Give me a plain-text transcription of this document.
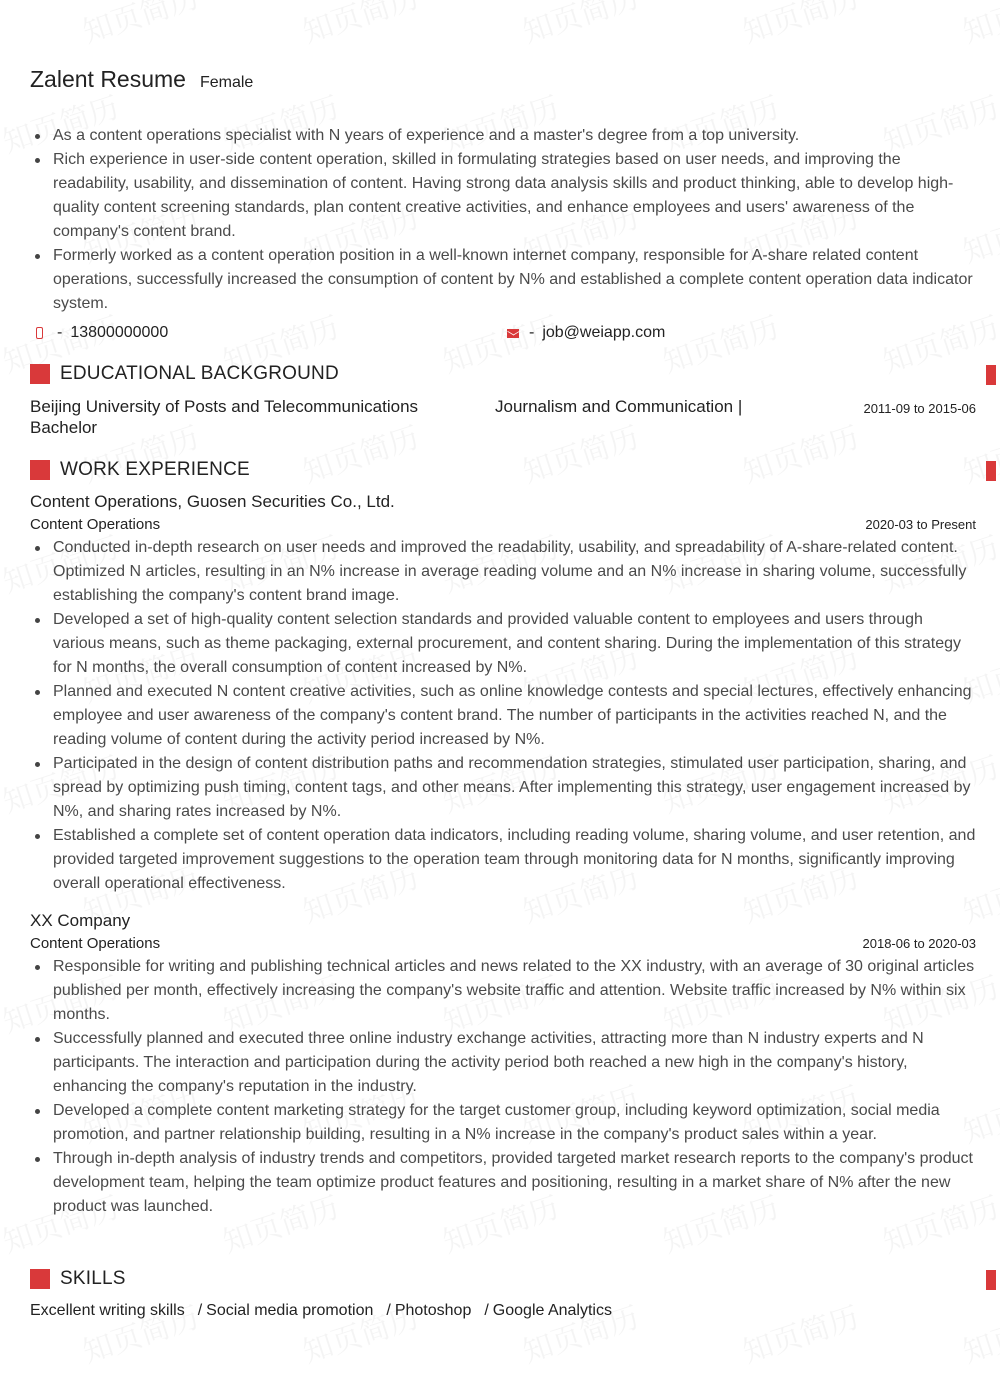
Zalent Resume Female
As a content operations specialist with N years of experience and a master's degree from a top university.
Rich experience in user-side content operation, skilled in formulating strategies based on user needs, and improving the readability, usability, and dissemination of content. Having strong data analysis skills and product thinking, able to develop high-quality content screening standards, plan content creative activities, and enhance employees and users' awareness of the company's content brand.
Formerly worked as a content operation position in a well-known internet company, responsible for A-share related content operations, successfully increased the consumption of content by N% and established a complete content operation data indicator system.
- 13800000000	- job@weiapp.com
EDUCATIONAL BACKGROUND
Beijing University of Posts and Telecommunications	Journalism and Communication |	2011-09 to 2015-06
Bachelor
WORK EXPERIENCE
Content Operations, Guosen Securities Co., Ltd.
Content Operations	2020-03 to Present
Conducted in-depth research on user needs and improved the readability, usability, and spreadability of A-share-related content. Optimized N articles, resulting in an N% increase in average reading volume and an N% increase in sharing volume, successfully establishing the company's content brand image.
Developed a set of high-quality content selection standards and provided valuable content to employees and users through various means, such as theme packaging, external procurement, and content sharing. During the implementation of this strategy for N months, the overall consumption of content increased by N%.
Planned and executed N content creative activities, such as online knowledge contests and special lectures, effectively enhancing employee and user awareness of the company's content brand. The number of participants in the activities reached N, and the reading volume of content during the activity period increased by N%.
Participated in the design of content distribution paths and recommendation strategies, stimulated user participation, sharing, and spread by optimizing push timing, content tags, and other means. After implementing this strategy, user engagement increased by N%, and sharing rates increased by N%.
Established a complete set of content operation data indicators, including reading volume, sharing volume, and user retention, and provided targeted improvement suggestions to the operation team through monitoring data for N months, significantly improving overall operational effectiveness.
XX Company
Content Operations	2018-06 to 2020-03
Responsible for writing and publishing technical articles and news related to the XX industry, with an average of 30 original articles published per month, effectively increasing the company's website traffic and attention. Website traffic increased by N% within six months.
Successfully planned and executed three online industry exchange activities, attracting more than N industry experts and N participants. The interaction and participation during the activity period both reached a new high in the company's history, enhancing the company's reputation in the industry.
Developed a complete content marketing strategy for the target customer group, including keyword optimization, social media promotion, and partner relationship building, resulting in a N% increase in the company's product sales within a year.
Through in-depth analysis of industry trends and competitors, provided targeted market research reports to the company's product development team, helping the team optimize product features and positioning, resulting in a market share of N% after the new product was launched.
SKILLS
Excellent writing skills / Social media promotion / Photoshop / Google Analytics
